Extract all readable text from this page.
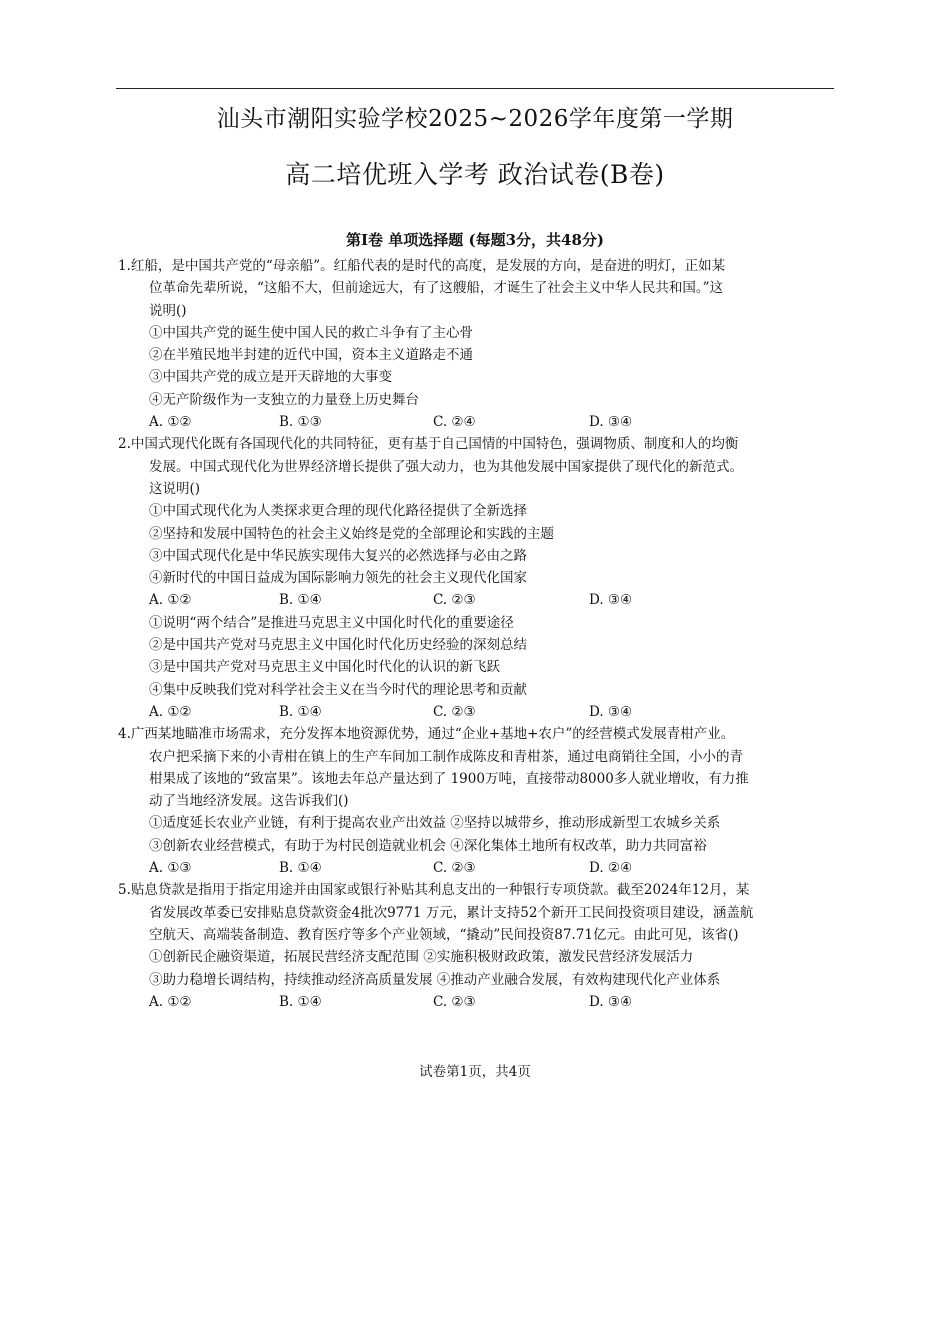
汕头市潮阳实验学校2025~2026学年度第一学期
高二培优班入学考 政治试卷(B卷)
第Ⅰ卷 单项选择题 (每题3分，共48分)
1.红船，是中国共产党的“母亲船”。红船代表的是时代的高度，是发展的方向，是奋进的明灯，正如某
位革命先辈所说，“这船不大，但前途远大，有了这艘船，才诞生了社会主义中华人民共和国。”这
说明()
①中国共产党的诞生使中国人民的救亡斗争有了主心骨
②在半殖民地半封建的近代中国，资本主义道路走不通
③中国共产党的成立是开天辟地的大事变
④无产阶级作为一支独立的力量登上历史舞台
A. ①②	B. ①③	C. ②④	D. ③④
2.中国式现代化既有各国现代化的共同特征，更有基于自己国情的中国特色，强调物质、制度和人的均衡
发展。中国式现代化为世界经济增长提供了强大动力，也为其他发展中国家提供了现代化的新范式。
这说明()
①中国式现代化为人类探求更合理的现代化路径提供了全新选择
②坚持和发展中国特色的社会主义始终是党的全部理论和实践的主题
③中国式现代化是中华民族实现伟大复兴的必然选择与必由之路
④新时代的中国日益成为国际影响力领先的社会主义现代化国家
A. ①②	B. ①④	C. ②③	D. ③④
①说明“两个结合”是推进马克思主义中国化时代化的重要途径
②是中国共产党对马克思主义中国化时代化历史经验的深刻总结
③是中国共产党对马克思主义中国化时代化的认识的新飞跃
④集中反映我们党对科学社会主义在当今时代的理论思考和贡献
A. ①②	B. ①④	C. ②③	D. ③④
4.广西某地瞄准市场需求，充分发挥本地资源优势，通过“企业+基地+农户”的经营模式发展青柑产业。
农户把采摘下来的小青柑在镇上的生产车间加工制作成陈皮和青柑茶，通过电商销往全国，小小的青
柑果成了该地的“致富果”。该地去年总产量达到了 1900万吨，直接带动8000多人就业增收，有力推
动了当地经济发展。这告诉我们()
①适度延长农业产业链，有利于提高农业产出效益 ②坚持以城带乡，推动形成新型工农城乡关系
③创新农业经营模式，有助于为村民创造就业机会 ④深化集体土地所有权改革，助力共同富裕
A. ①③	B. ①④	C. ②③	D. ②④
5.贴息贷款是指用于指定用途并由国家或银行补贴其利息支出的一种银行专项贷款。截至2024年12月，某
省发展改革委已安排贴息贷款资金4批次9771 万元，累计支持52个新开工民间投资项目建设，涵盖航
空航天、高端装备制造、教育医疗等多个产业领域，“撬动”民间投资87.71亿元。由此可见，该省()
①创新民企融资渠道，拓展民营经济支配范围 ②实施积极财政政策，激发民营经济发展活力
③助力稳增长调结构，持续推动经济高质量发展 ④推动产业融合发展，有效构建现代化产业体系
A. ①②	B. ①④	C. ②③	D. ③④
试卷第1页，共4页
